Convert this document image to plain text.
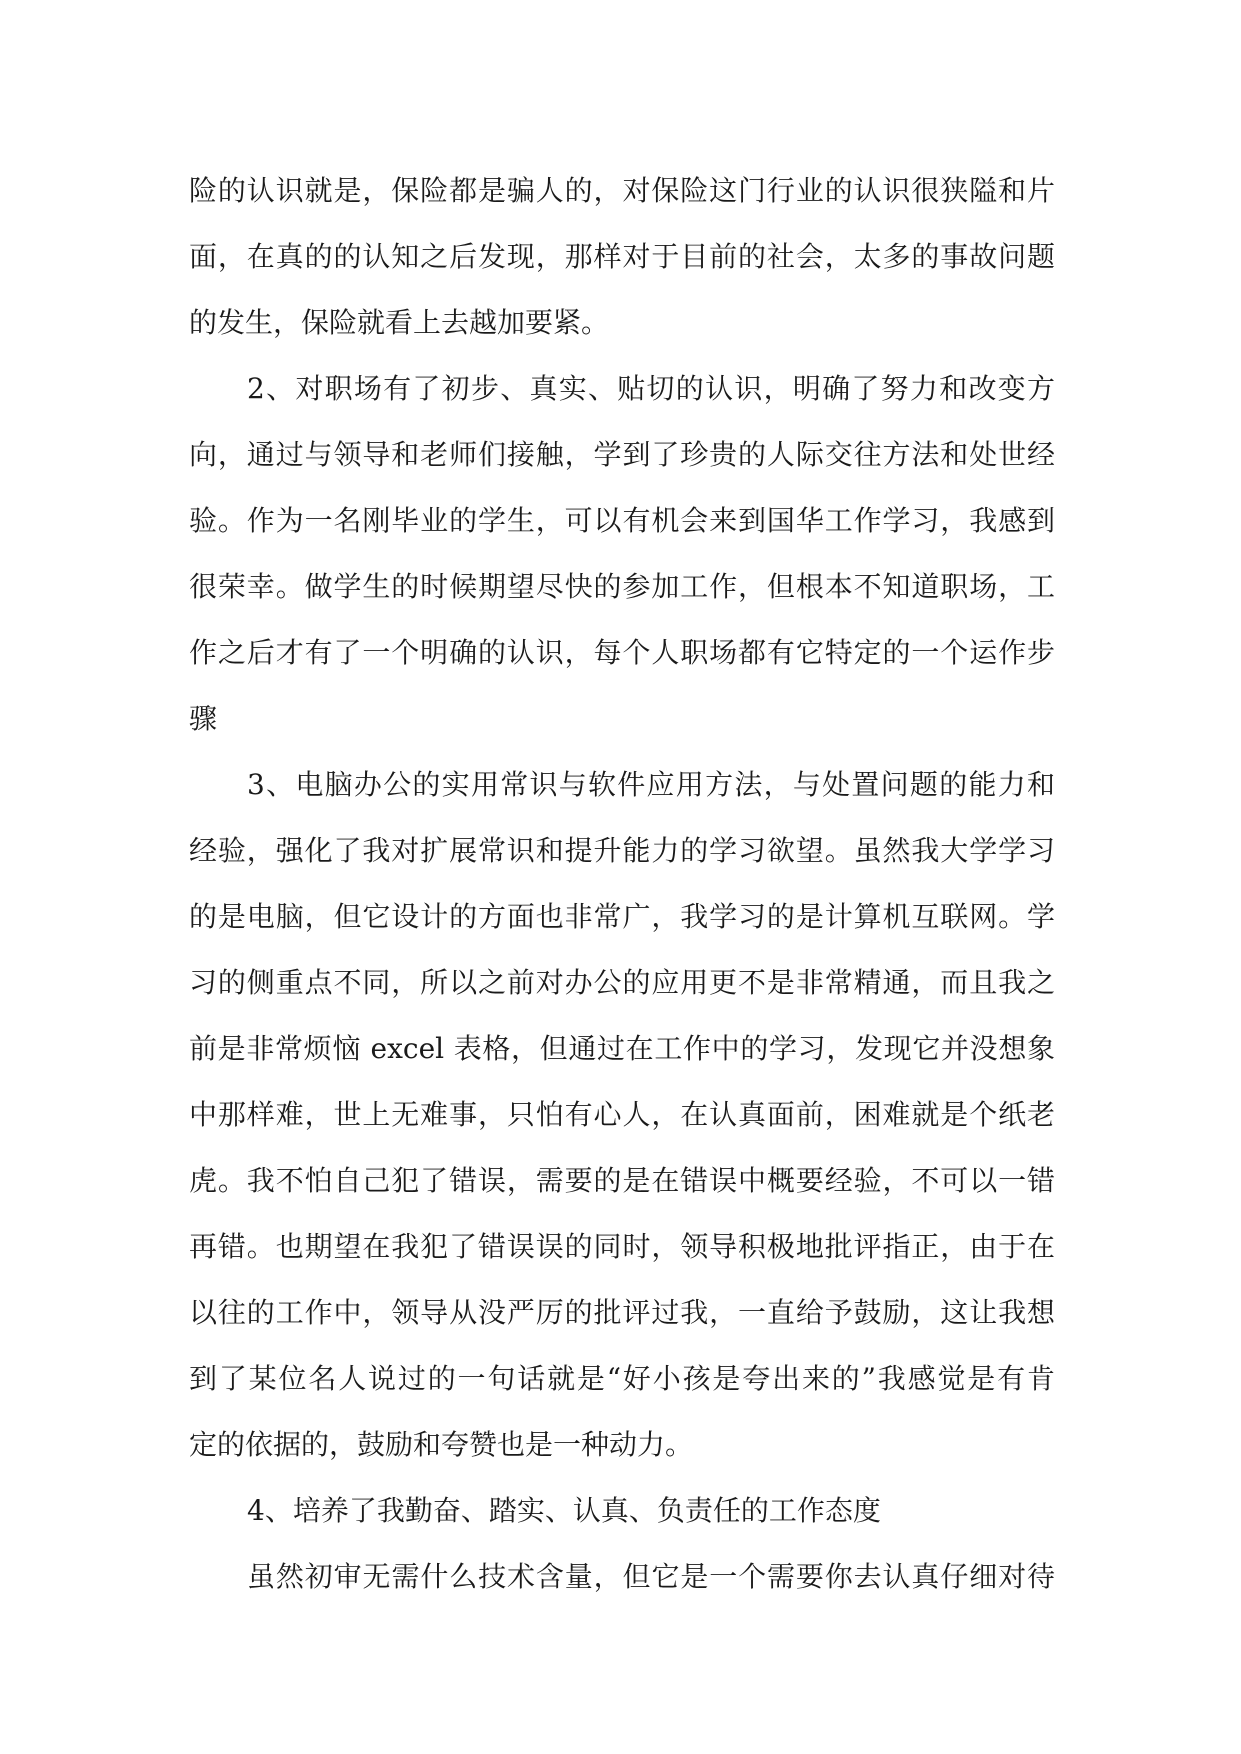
险的认识就是，保险都是骗人的，对保险这门行业的认识很狭隘和片
面，在真的的认知之后发现，那样对于目前的社会，太多的事故问题
的发生，保险就看上去越加要紧。
2、对职场有了初步、真实、贴切的认识，明确了努力和改变方
向，通过与领导和老师们接触，学到了珍贵的人际交往方法和处世经
验。作为一名刚毕业的学生，可以有机会来到国华工作学习，我感到
很荣幸。做学生的时候期望尽快的参加工作，但根本不知道职场，工
作之后才有了一个明确的认识，每个人职场都有它特定的一个运作步
骤
3、电脑办公的实用常识与软件应用方法，与处置问题的能力和
经验，强化了我对扩展常识和提升能力的学习欲望。虽然我大学学习
的是电脑，但它设计的方面也非常广，我学习的是计算机互联网。学
习的侧重点不同，所以之前对办公的应用更不是非常精通，而且我之
前是非常烦恼 excel 表格，但通过在工作中的学习，发现它并没想象
中那样难，世上无难事，只怕有心人，在认真面前，困难就是个纸老
虎。我不怕自己犯了错误，需要的是在错误中概要经验，不可以一错
再错。也期望在我犯了错误误的同时，领导积极地批评指正，由于在
以往的工作中，领导从没严厉的批评过我，一直给予鼓励，这让我想
到了某位名人说过的一句话就是“好小孩是夸出来的”我感觉是有肯
定的依据的，鼓励和夸赞也是一种动力。
4、培养了我勤奋、踏实、认真、负责任的工作态度
虽然初审无需什么技术含量，但它是一个需要你去认真仔细对待
